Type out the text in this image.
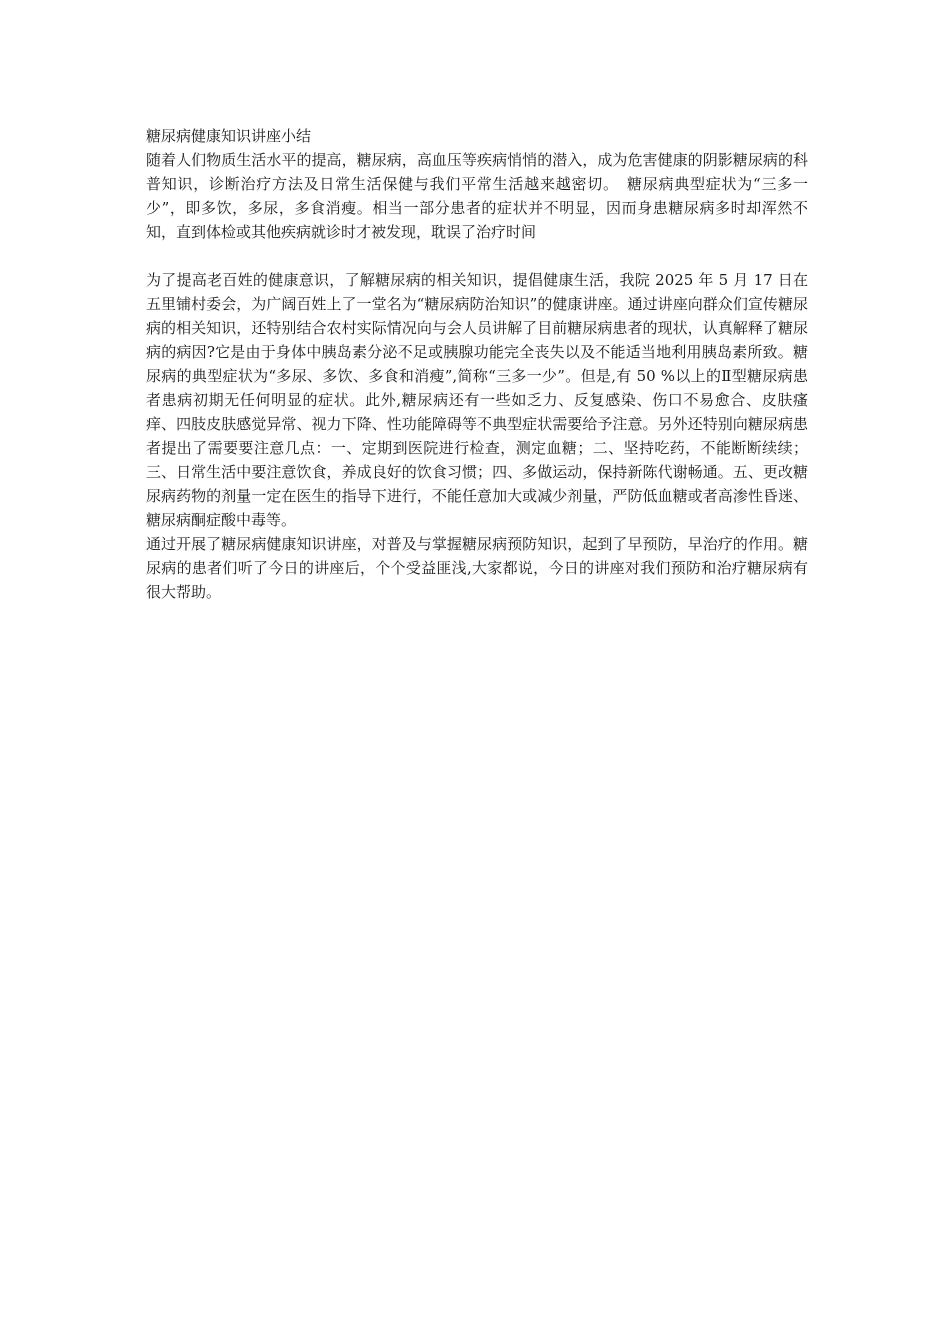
糖尿病健康知识讲座小结

随着人们物质生活水平的提高，糖尿病，高血压等疾病悄悄的潜入，成为危害健康的阴影糖尿病的科普知识，诊断治疗方法及日常生活保健与我们平常生活越来越密切。　糖尿病典型症状为“三多一少”，即多饮，多尿，多食消瘦。相当一部分患者的症状并不明显，因而身患糖尿病多时却浑然不知，直到体检或其他疾病就诊时才被发现，耽误了治疗时间

为了提高老百姓的健康意识，了解糖尿病的相关知识，提倡健康生活，我院 2025 年 5 月 17 日在五里铺村委会，为广阔百姓上了一堂名为“糖尿病防治知识”的健康讲座。通过讲座向群众们宣传糖尿病的相关知识，还特别结合农村实际情况向与会人员讲解了目前糖尿病患者的现状，认真解释了糖尿病的病因?它是由于身体中胰岛素分泌不足或胰腺功能完全丧失以及不能适当地利用胰岛素所致。糖尿病的典型症状为“多尿、多饮、多食和消瘦”,简称“三多一少”。但是,有 50 %以上的Ⅱ型糖尿病患者患病初期无任何明显的症状。此外,糖尿病还有一些如乏力、反复感染、伤口不易愈合、皮肤瘙痒、四肢皮肤感觉异常、视力下降、性功能障碍等不典型症状需要给予注意。另外还特别向糖尿病患者提出了需要要注意几点：一、定期到医院进行检查，测定血糖；二、坚持吃药，不能断断续续；三、日常生活中要注意饮食，养成良好的饮食习惯；四、多做运动，保持新陈代谢畅通。五、更改糖尿病药物的剂量一定在医生的指导下进行，不能任意加大或减少剂量，严防低血糖或者高渗性昏迷、糖尿病酮症酸中毒等。

通过开展了糖尿病健康知识讲座，对普及与掌握糖尿病预防知识，起到了早预防，早治疗的作用。糖尿病的患者们听了今日的讲座后，个个受益匪浅,大家都说，今日的讲座对我们预防和治疗糖尿病有很大帮助。
